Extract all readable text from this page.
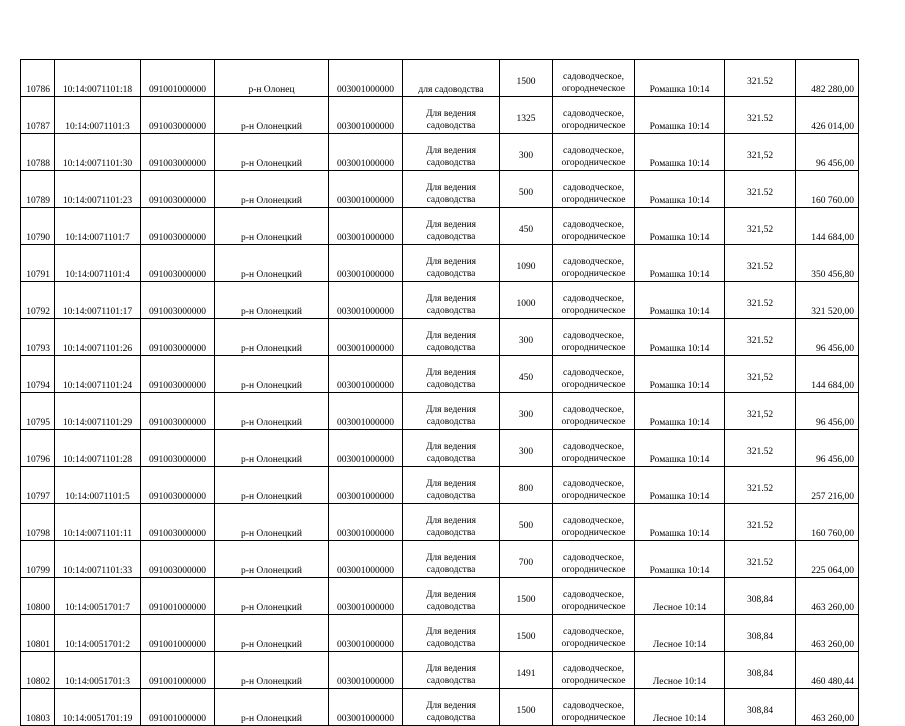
10786	10:14:0071101:18	091001000000	р-н Олонец	003001000000	для садоводства	1500	садоводческое, огороднеческое	Ромашка 10:14	321.52	482 280,00
10787	10:14:0071101:3	091003000000	р-н Олонецкий	003001000000	Для ведения садоводства	1325	садоводческое, огородническое	Ромашка 10:14	321.52	426 014,00
10788	10:14:0071101:30	091003000000	р-н Олонецкий	003001000000	Для ведения садоводства	300	садоводческое, огородническое	Ромашка 10:14	321,52	96 456,00
10789	10:14:0071101:23	091003000000	р-н Олонецкий	003001000000	Для ведения садоводства	500	садоводческое, огородническое	Ромашка 10:14	321.52	160 760.00
10790	10:14:0071101:7	091003000000	р-н Олонецкий	003001000000	Для ведения садоводства	450	садоводческое, огородническое	Ромашка 10:14	321,52	144 684,00
10791	10:14:0071101:4	091003000000	р-н Олонецкий	003001000000	Для ведения садоводства	1090	садоводческое, огородническое	Ромашка 10:14	321.52	350 456,80
10792	10:14:0071101:17	091003000000	р-н Олонецкий	003001000000	Для ведения садоводства	1000	садоводческое, огородническое	Ромашка 10:14	321.52	321 520,00
10793	10:14:0071101:26	091003000000	р-н Олонецкий	003001000000	Для ведения садоводства	300	садоводческое, огородническое	Ромашка 10:14	321.52	96 456,00
10794	10:14:0071101:24	091003000000	р-н Олонецкий	003001000000	Для ведения садоводства	450	садоводческое, огородническое	Ромашка 10:14	321,52	144 684,00
10795	10:14:0071101:29	091003000000	р-н Олонецкий	003001000000	Для ведения садоводства	300	садоводческое, огородническое	Ромашка 10:14	321,52	96 456,00
10796	10:14:0071101:28	091003000000	р-н Олонецкий	003001000000	Для ведения садоводства	300	садоводческое, огородническое	Ромашка 10:14	321.52	96 456,00
10797	10:14:0071101:5	091003000000	р-н Олонецкий	003001000000	Для ведения садоводства	800	садоводческое, огородническое	Ромашка 10:14	321.52	257 216,00
10798	10:14:0071101:11	091003000000	р-н Олонецкий	003001000000	Для ведения садоводства	500	садоводческое, огородническое	Ромашка 10:14	321.52	160 760,00
10799	10:14:0071101:33	091003000000	р-н Олонецкий	003001000000	Для ведения садоводства	700	садоводческое, огородническое	Ромашка 10:14	321.52	225 064,00
10800	10:14:0051701:7	091001000000	р-н Олонецкий	003001000000	Для ведения садоводства	1500	садоводческое, огородническое	Лесное 10:14	308,84	463 260,00
10801	10:14:0051701:2	091001000000	р-н Олонецкий	003001000000	Для ведения садоводства	1500	садоводческое, огородническое	Лесное 10:14	308,84	463 260,00
10802	10:14:0051701:3	091001000000	р-н Олонецкий	003001000000	Для ведения садоводства	1491	садоводческое, огородническое	Лесное 10:14	308,84	460 480,44
10803	10:14:0051701:19	091001000000	р-н Олонецкий	003001000000	Для ведения садоводства	1500	садоводческое, огородническое	Лесное 10:14	308,84	463 260,00
